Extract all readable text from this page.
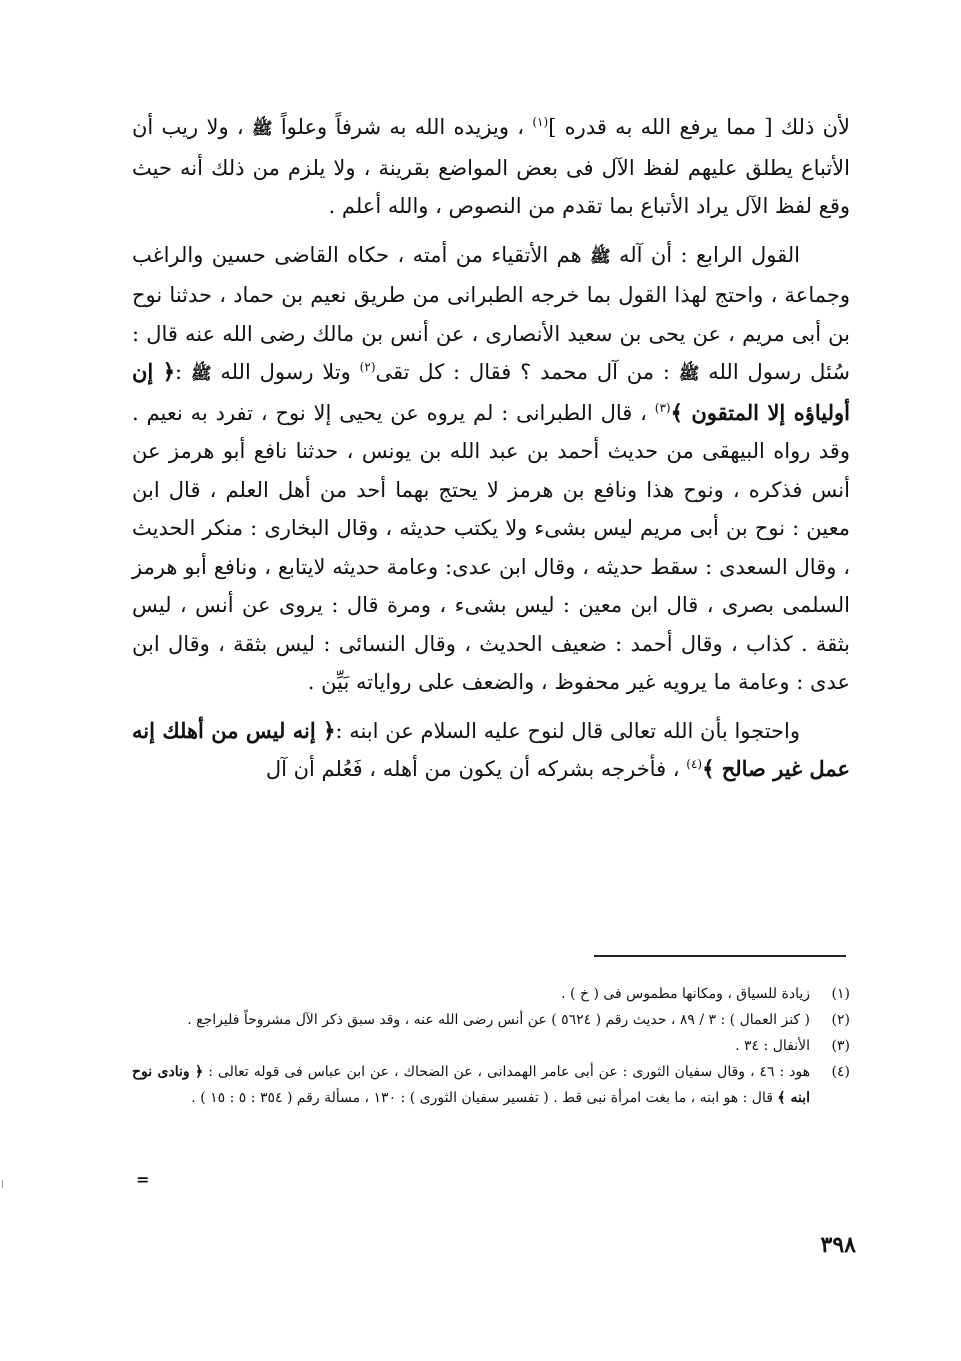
لأن ذلك [ مما يرفع الله به قدره ]$^{(١)}$ ، ويزيده الله به شرفاً وعلواً ﷺ ، ولا ريب أن الأتباع يطلق عليهم لفظ الآل فى بعض المواضع بقرينة ، ولا يلزم من ذلك أنه حيث وقع لفظ الآل يراد الأتباع بما تقدم من النصوص ، والله أعلم .

القول الرابع : أن آله ﷺ هم الأتقياء من أمته ، حكاه القاضى حسين والراغب وجماعة ، واحتج لهذا القول بما خرجه الطبرانى من طريق نعيم بن حماد ، حدثنا نوح بن أبى مريم ، عن يحى بن سعيد الأنصارى ، عن أنس بن مالك رضى الله عنه قال : سُئل رسول الله ﷺ : من آل محمد ؟ فقال : كل تقى$^{(٢)}$ وتلا رسول الله ﷺ :﴿ إن أولياؤه إلا المتقون ﴾$^{(٣)}$ ، قال الطبرانى : لم يروه عن يحيى إلا نوح ، تفرد به نعيم . وقد رواه البيهقى من حديث أحمد بن عبد الله بن يونس ، حدثنا نافع أبو هرمز عن أنس فذكره ، ونوح هذا ونافع بن هرمز لا يحتج بهما أحد من أهل العلم ، قال ابن معين : نوح بن أبى مريم ليس بشىء ولا يكتب حديثه ، وقال البخارى : منكر الحديث ، وقال السعدى : سقط حديثه ، وقال ابن عدى: وعامة حديثه لايتابع ، ونافع أبو هرمز السلمى بصرى ، قال ابن معين : ليس بشىء ، ومرة قال : يروى عن أنس ، ليس بثقة . كذاب ، وقال أحمد : ضعيف الحديث ، وقال النسائى : ليس بثقة ، وقال ابن عدى : وعامة ما يرويه غير محفوظ ، والضعف على رواياته بَيِّن .

واحتجوا بأن الله تعالى قال لنوح عليه السلام عن ابنه :﴿ إنه ليس من أهلك إنه عمل غير صالح ﴾$^{(٤)}$ ، فأخرجه بشركه أن يكون من أهله ، فَعُلم أن آل

(١)
زيادة للسياق ، ومكانها مطموس فى ( خ ) .
(٢)
( كنز العمال ) : ٣ / ٨٩ ، حديث رقم ( ٥٦٢٤ ) عن أنس رضى الله عنه ، وقد سبق ذكر الآل مشروحاً فليراجع .
(٣)
الأنفال : ٣٤ .
(٤)
هود : ٤٦ ، وقال سفيان الثورى : عن أبى عامر الهمدانى ، عن الضحاك ، عن ابن عباس فى قوله تعالى : ﴿ ونادى نوح ابنه ﴾ قال : هو ابنه ، ما بغت امرأة نبى قط . ( تفسير سفيان الثورى ) : ١٣٠ ، مسألة رقم ( ٣٥٤ : ٥ : ١٥ ) .
=
٣٩٨
